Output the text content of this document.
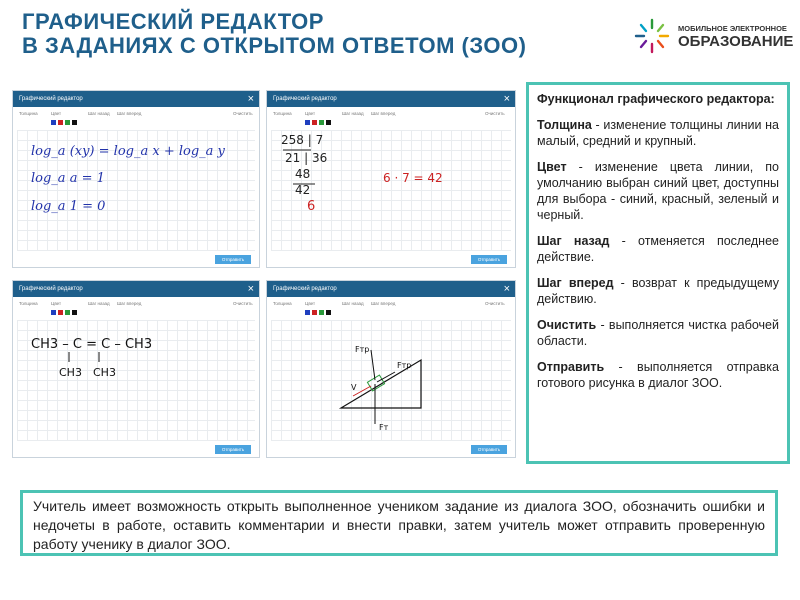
ГРАФИЧЕСКИЙ РЕДАКТОР
В ЗАДАНИЯХ С ОТКРЫТОМ ОТВЕТОМ (ЗОО)
МОБИЛЬНОЕ ЭЛЕКТРОННОЕ
ОБРАЗОВАНИЕ
Графический редактор	×
Толщина	Цвет	Шаг назад Шаг вперед	Очистить
log_a (xy) = log_a x + log_a y
log_a a = 1
log_a 1 = 0
Отправить
Графический редактор	×
Толщина	Цвет	Шаг назад Шаг вперед	Очистить
258 | 7
21 | 36
48
42
6
6 · 7 = 42
Отправить
Графический редактор	×
Толщина	Цвет	Шаг назад Шаг вперед	Очистить
CH3 – C = C – CH3
CH3 CH3
Отправить
Графический редактор	×
Толщина	Цвет	Шаг назад Шаг вперед	Очистить
Fтр
Fтр
V
Fт
Отправить
Функционал графического редактора:

Толщина - изменение толщины линии на малый, средний и крупный.

Цвет - изменение цвета линии, по умолчанию выбран синий цвет, доступны для выбора - синий, красный, зеленый и черный.

Шаг назад - отменяется последнее действие.

Шаг вперед - возврат к предыдущему действию.

Очистить - выполняется чистка рабочей области.

Отправить - выполняется отправка готового рисунка в диалог ЗОО.

Учитель имеет возможность открыть выполненное учеником задание из диалога ЗОО, обозначить ошибки и недочеты в работе, оставить комментарии и внести правки, затем учитель может отправить проверенную работу ученику в диалог ЗОО.
